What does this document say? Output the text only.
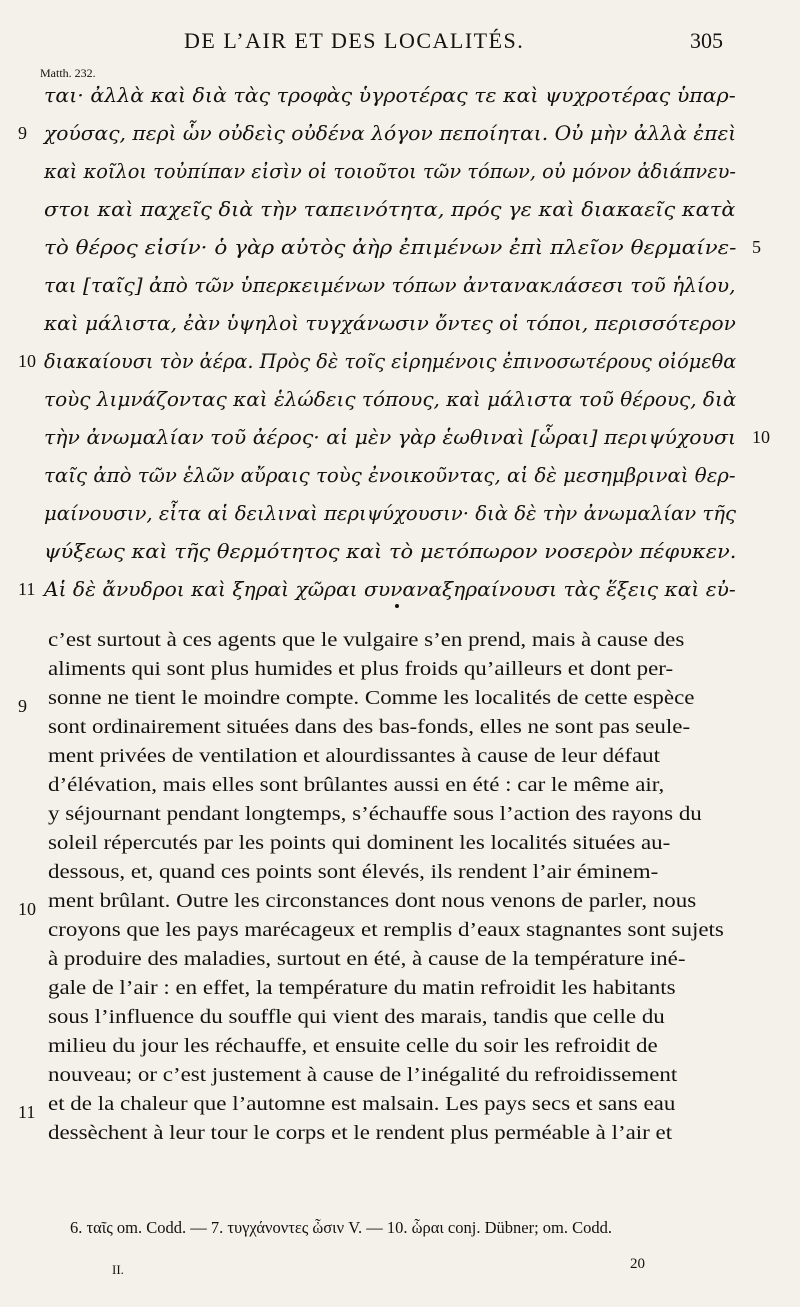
DE L’AIR ET DES LOCALITÉS.	305
Matth. 232.
ται· ἀλλὰ καὶ διὰ τὰς τροφὰς ὑγροτέρας τε καὶ ψυχροτέρας ὑπαρ-
χούσας, περὶ ὧν οὐδεὶς οὐδένα λόγον πεποίηται. Οὐ μὴν ἀλλὰ ἐπεὶ
καὶ κοῖλοι τοὐπίπαν εἰσὶν οἱ τοιοῦτοι τῶν τόπων, οὐ μόνον ἀδιάπνευ-
στοι καὶ παχεῖς διὰ τὴν ταπεινότητα, πρός γε καὶ διακαεῖς κατὰ
τὸ θέρος εἰσίν· ὁ γὰρ αὐτὸς ἀὴρ ἐπιμένων ἐπὶ πλεῖον θερμαίνε-
ται [ταῖς] ἀπὸ τῶν ὑπερκειμένων τόπων ἀνταναклάσεσι τοῦ ἡλίου,
καὶ μάλιστα, ἐὰν ὑψηλοὶ τυγχάνωσιν ὄντες οἱ τόποι, περισσότερον
διακαίουσι τὸν ἀέρα. Πρὸς δὲ τοῖς εἰρημένοις ἐπινοσωτέρους οἰόμεθα
τοὺς λιμνάζοντας καὶ ἑλώδεις τόπους, καὶ μάλιστα τοῦ θέρους, διὰ
τὴν ἀνωμαλίαν τοῦ ἀέρος· αἱ μὲν γὰρ ἑωθιναὶ [ὧραι] περιψύχουσι
ταῖς ἀπὸ τῶν ἑλῶν αὔραις τοὺς ἐνοικοῦντας, αἱ δὲ μεσημβριναὶ θερ-
μαίνουσιν, εἶτα αἱ δειλιναὶ περιψύχουσιν· διὰ δὲ τὴν ἀνωμαλίαν τῆς
ψύξεως καὶ τῆς θερμότητος καὶ τὸ μετόπωρον νοσερὸν πέφυκεν.
Αἱ δὲ ἄνυδροι καὶ ξηραὶ χῶραι συναναξηραίνουσι τὰς ἕξεις καὶ εὐ-
9
10
11
5
10
c’est surtout à ces agents que le vulgaire s’en prend, mais à cause des
aliments qui sont plus humides et plus froids qu’ailleurs et dont per-
sonne ne tient le moindre compte. Comme les localités de cette espèce
sont ordinairement situées dans des bas-fonds, elles ne sont pas seule-
ment privées de ventilation et alourdissantes à cause de leur défaut
d’élévation, mais elles sont brûlantes aussi en été : car le même air,
y séjournant pendant longtemps, s’échauffe sous l’action des rayons du
soleil répercutés par les points qui dominent les localités situées au-
dessous, et, quand ces points sont élevés, ils rendent l’air éminem-
ment brûlant. Outre les circonstances dont nous venons de parler, nous
croyons que les pays marécageux et remplis d’eaux stagnantes sont sujets
à produire des maladies, surtout en été, à cause de la température iné-
gale de l’air : en effet, la température du matin refroidit les habitants
sous l’influence du souffle qui vient des marais, tandis que celle du
milieu du jour les réchauffe, et ensuite celle du soir les refroidit de
nouveau; or c’est justement à cause de l’inégalité du refroidissement
et de la chaleur que l’automne est malsain. Les pays secs et sans eau
dessèchent à leur tour le corps et le rendent plus perméable à l’air et
9
10
11
6. ταῖς om. Codd. — 7. τυγχάνοντες ὦσιν V. — 10. ὧραι conj. Dübner; om. Codd.
II.	20
